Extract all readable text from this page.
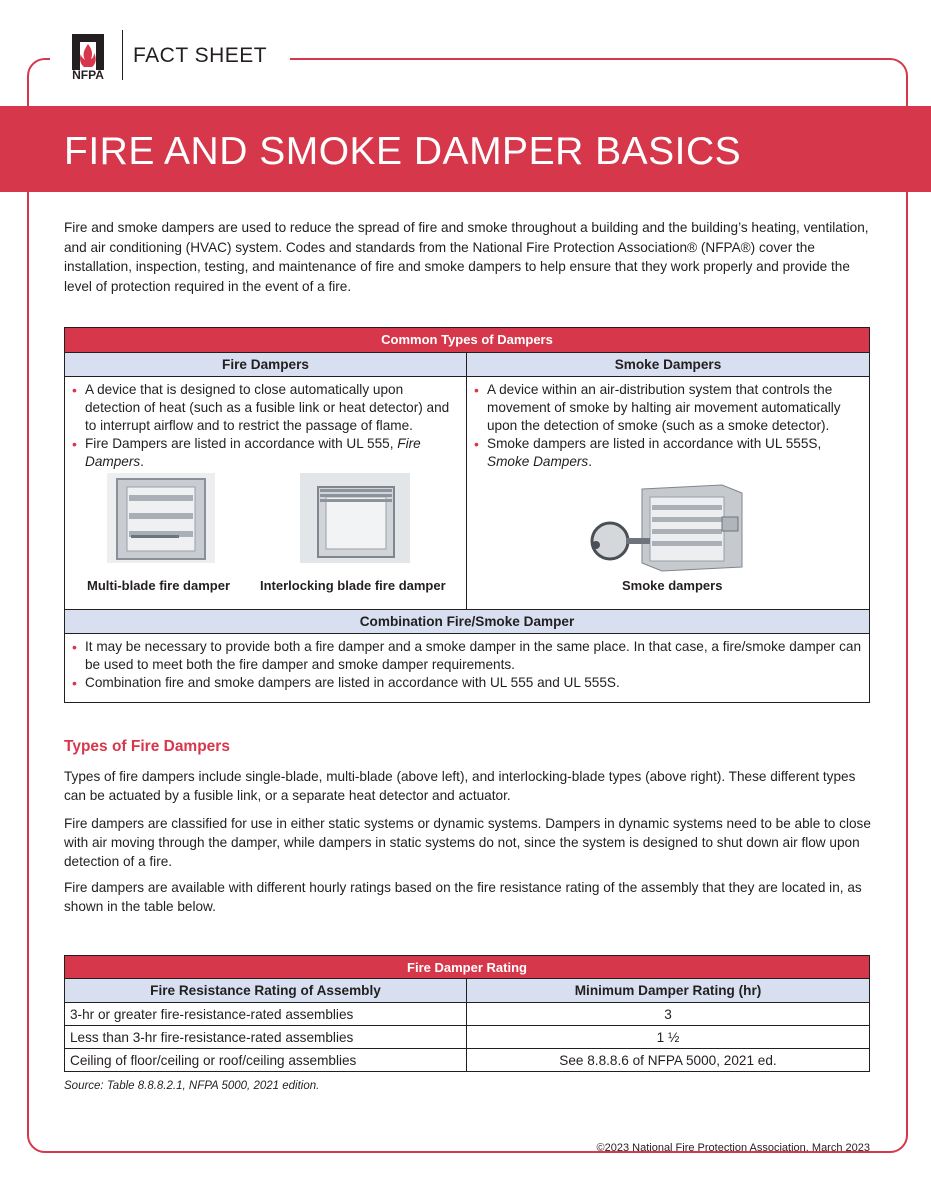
NFPA
FACT SHEET
FIRE AND SMOKE DAMPER BASICS

Fire and smoke dampers are used to reduce the spread of fire and smoke throughout a building and the building’s heating, ventilation, and air conditioning (HVAC) system. Codes and standards from the National Fire Protection Association® (NFPA®) cover the installation, inspection, testing, and maintenance of fire and smoke dampers to help ensure that they work properly and provide the level of protection required in the event of a fire.

Common Types of Dampers
Fire Dampers
• A device that is designed to close automatically upon detection of heat (such as a fusible link or heat detector) and to interrupt airflow and to restrict the passage of flame.
• Fire Dampers are listed in accordance with UL 555, Fire Dampers.
Multi-blade fire damper Interlocking blade fire damper
Smoke Dampers
• A device within an air-distribution system that controls the movement of smoke by halting air movement automatically upon the detection of smoke (such as a smoke detector).
• Smoke dampers are listed in accordance with UL 555S, Smoke Dampers.
Smoke dampers
Combination Fire/Smoke Damper
• It may be necessary to provide both a fire damper and a smoke damper in the same place. In that case, a fire/smoke damper can be used to meet both the fire damper and smoke damper requirements.
• Combination fire and smoke dampers are listed in accordance with UL 555 and UL 555S.
Types of Fire Dampers

Types of fire dampers include single-blade, multi-blade (above left), and interlocking-blade types (above right). These different types can be actuated by a fusible link, or a separate heat detector and actuator.

Fire dampers are classified for use in either static systems or dynamic systems. Dampers in dynamic systems need to be able to close with air moving through the damper, while dampers in static systems do not, since the system is designed to shut down air flow upon detection of a fire.

Fire dampers are available with different hourly ratings based on the fire resistance rating of the assembly that they are located in, as shown in the table below.

Fire Damper Rating	
Fire Resistance Rating of Assembly	Minimum Damper Rating (hr)
3-hr or greater fire-resistance-rated assemblies	3
Less than 3-hr fire-resistance-rated assemblies	1 ½
Ceiling of floor/ceiling or roof/ceiling assemblies	See 8.8.8.6 of NFPA 5000, 2021 ed.
Source: Table 8.8.8.2.1, NFPA 5000, 2021 edition.
©2023 National Fire Protection Association. March 2023
